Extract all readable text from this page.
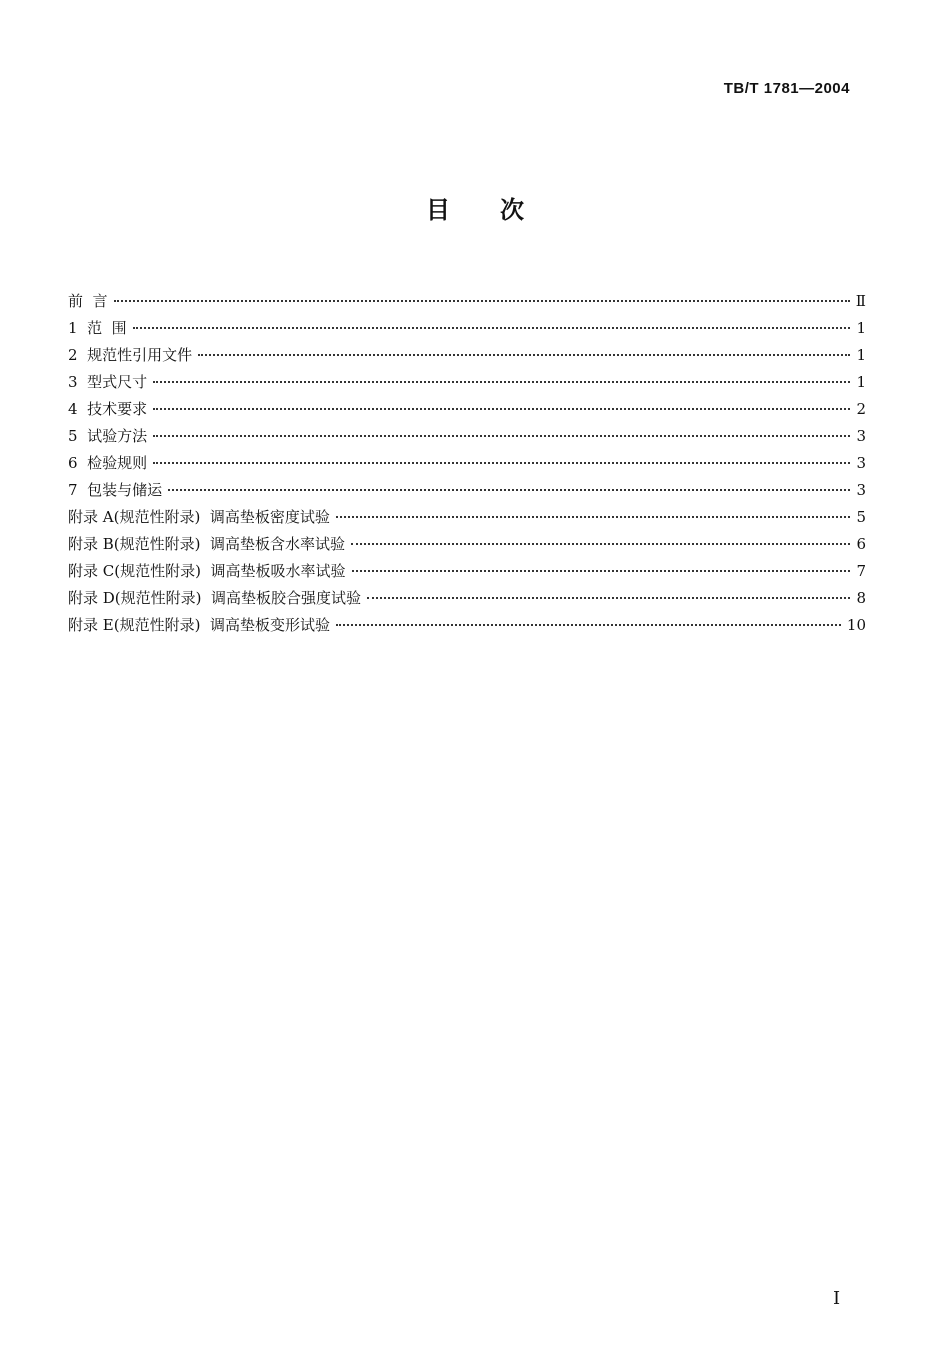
TB/T 1781—2004
目次
前  言	Ⅱ
1  范  围	1
2  规范性引用文件	1
3  型式尺寸	1
4  技术要求	2
5  试验方法	3
6  检验规则	3
7  包装与储运	3
附录 A(规范性附录)  调高垫板密度试验	5
附录 B(规范性附录)  调高垫板含水率试验	6
附录 C(规范性附录)  调高垫板吸水率试验	7
附录 D(规范性附录)  调高垫板胶合强度试验	8
附录 E(规范性附录)  调高垫板变形试验	10
I
